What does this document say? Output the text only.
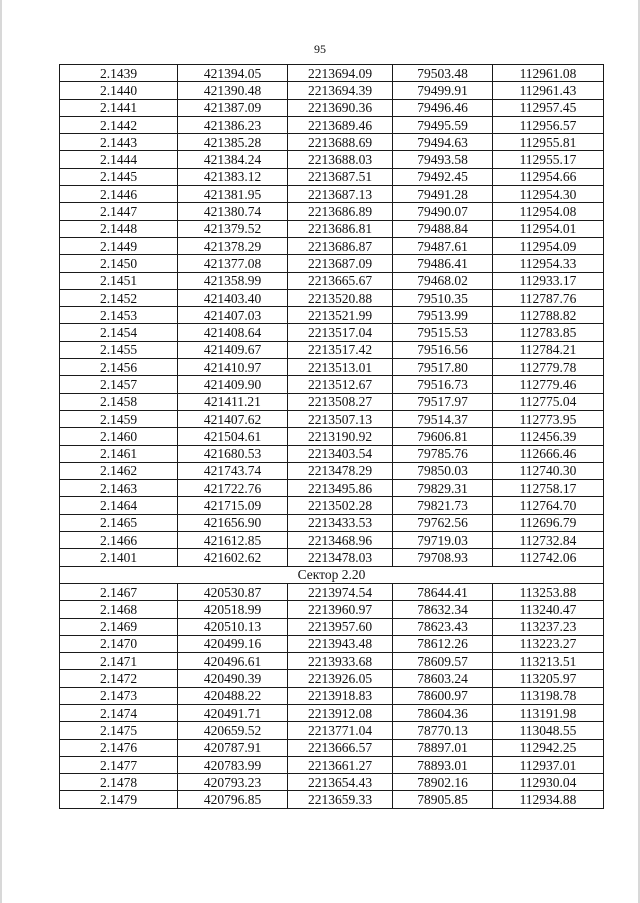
95
2.1439	421394.05	2213694.09	79503.48	112961.08
2.1440	421390.48	2213694.39	79499.91	112961.43
2.1441	421387.09	2213690.36	79496.46	112957.45
2.1442	421386.23	2213689.46	79495.59	112956.57
2.1443	421385.28	2213688.69	79494.63	112955.81
2.1444	421384.24	2213688.03	79493.58	112955.17
2.1445	421383.12	2213687.51	79492.45	112954.66
2.1446	421381.95	2213687.13	79491.28	112954.30
2.1447	421380.74	2213686.89	79490.07	112954.08
2.1448	421379.52	2213686.81	79488.84	112954.01
2.1449	421378.29	2213686.87	79487.61	112954.09
2.1450	421377.08	2213687.09	79486.41	112954.33
2.1451	421358.99	2213665.67	79468.02	112933.17
2.1452	421403.40	2213520.88	79510.35	112787.76
2.1453	421407.03	2213521.99	79513.99	112788.82
2.1454	421408.64	2213517.04	79515.53	112783.85
2.1455	421409.67	2213517.42	79516.56	112784.21
2.1456	421410.97	2213513.01	79517.80	112779.78
2.1457	421409.90	2213512.67	79516.73	112779.46
2.1458	421411.21	2213508.27	79517.97	112775.04
2.1459	421407.62	2213507.13	79514.37	112773.95
2.1460	421504.61	2213190.92	79606.81	112456.39
2.1461	421680.53	2213403.54	79785.76	112666.46
2.1462	421743.74	2213478.29	79850.03	112740.30
2.1463	421722.76	2213495.86	79829.31	112758.17
2.1464	421715.09	2213502.28	79821.73	112764.70
2.1465	421656.90	2213433.53	79762.56	112696.79
2.1466	421612.85	2213468.96	79719.03	112732.84
2.1401	421602.62	2213478.03	79708.93	112742.06
Сектор 2.20				
2.1467	420530.87	2213974.54	78644.41	113253.88
2.1468	420518.99	2213960.97	78632.34	113240.47
2.1469	420510.13	2213957.60	78623.43	113237.23
2.1470	420499.16	2213943.48	78612.26	113223.27
2.1471	420496.61	2213933.68	78609.57	113213.51
2.1472	420490.39	2213926.05	78603.24	113205.97
2.1473	420488.22	2213918.83	78600.97	113198.78
2.1474	420491.71	2213912.08	78604.36	113191.98
2.1475	420659.52	2213771.04	78770.13	113048.55
2.1476	420787.91	2213666.57	78897.01	112942.25
2.1477	420783.99	2213661.27	78893.01	112937.01
2.1478	420793.23	2213654.43	78902.16	112930.04
2.1479	420796.85	2213659.33	78905.85	112934.88
